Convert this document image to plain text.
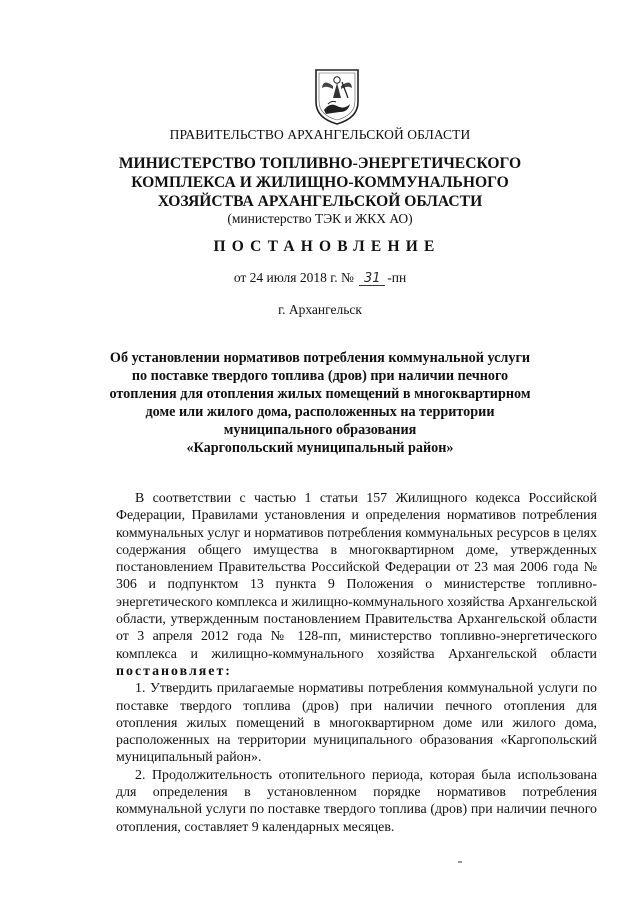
ПРАВИТЕЛЬСТВО АРХАНГЕЛЬСКОЙ ОБЛАСТИ
МИНИСТЕРСТВО ТОПЛИВНО-ЭНЕРГЕТИЧЕСКОГО
КОМПЛЕКСА И ЖИЛИЩНО-КОММУНАЛЬНОГО
ХОЗЯЙСТВА АРХАНГЕЛЬСКОЙ ОБЛАСТИ
(министерство ТЭК и ЖКХ АО)
ПОСТАНОВЛЕНИЕ
от 24 июля 2018 г. № 31 -пн
г. Архангельск
Об установлении нормативов потребления коммунальной услуги
по поставке твердого топлива (дров) при наличии печного
отопления для отопления жилых помещений в многоквартирном
доме или жилого дома, расположенных на территории
муниципального образования
«Каргопольский муниципальный район»

В соответствии с частью 1 статьи 157 Жилищного кодекса Российской Федерации, Правилами установления и определения нормативов потребления коммунальных услуг и нормативов потребления коммунальных ресурсов в целях содержания общего имущества в многоквартирном доме, утвержденных постановлением Правительства Российской Федерации от 23 мая 2006 года № 306 и подпунктом 13 пункта 9 Положения о министерстве топливно-энергетического комплекса и жилищно-коммунального хозяйства Архангельской области, утвержденным постановлением Правительства Архангельской области от 3 апреля 2012 года № 128-пп, министерство топливно-энергетического комплекса и жилищно-коммунального хозяйства Архангельской области постановляет:

1. Утвердить прилагаемые нормативы потребления коммунальной услуги по поставке твердого топлива (дров) при наличии печного отопления для отопления жилых помещений в многоквартирном доме или жилого дома, расположенных на территории муниципального образования «Каргопольский муниципальный район».

2. Продолжительность отопительного периода, которая была использована для определения в установленном порядке нормативов потребления коммунальной услуги по поставке твердого топлива (дров) при наличии печного отопления, составляет 9 календарных месяцев.
